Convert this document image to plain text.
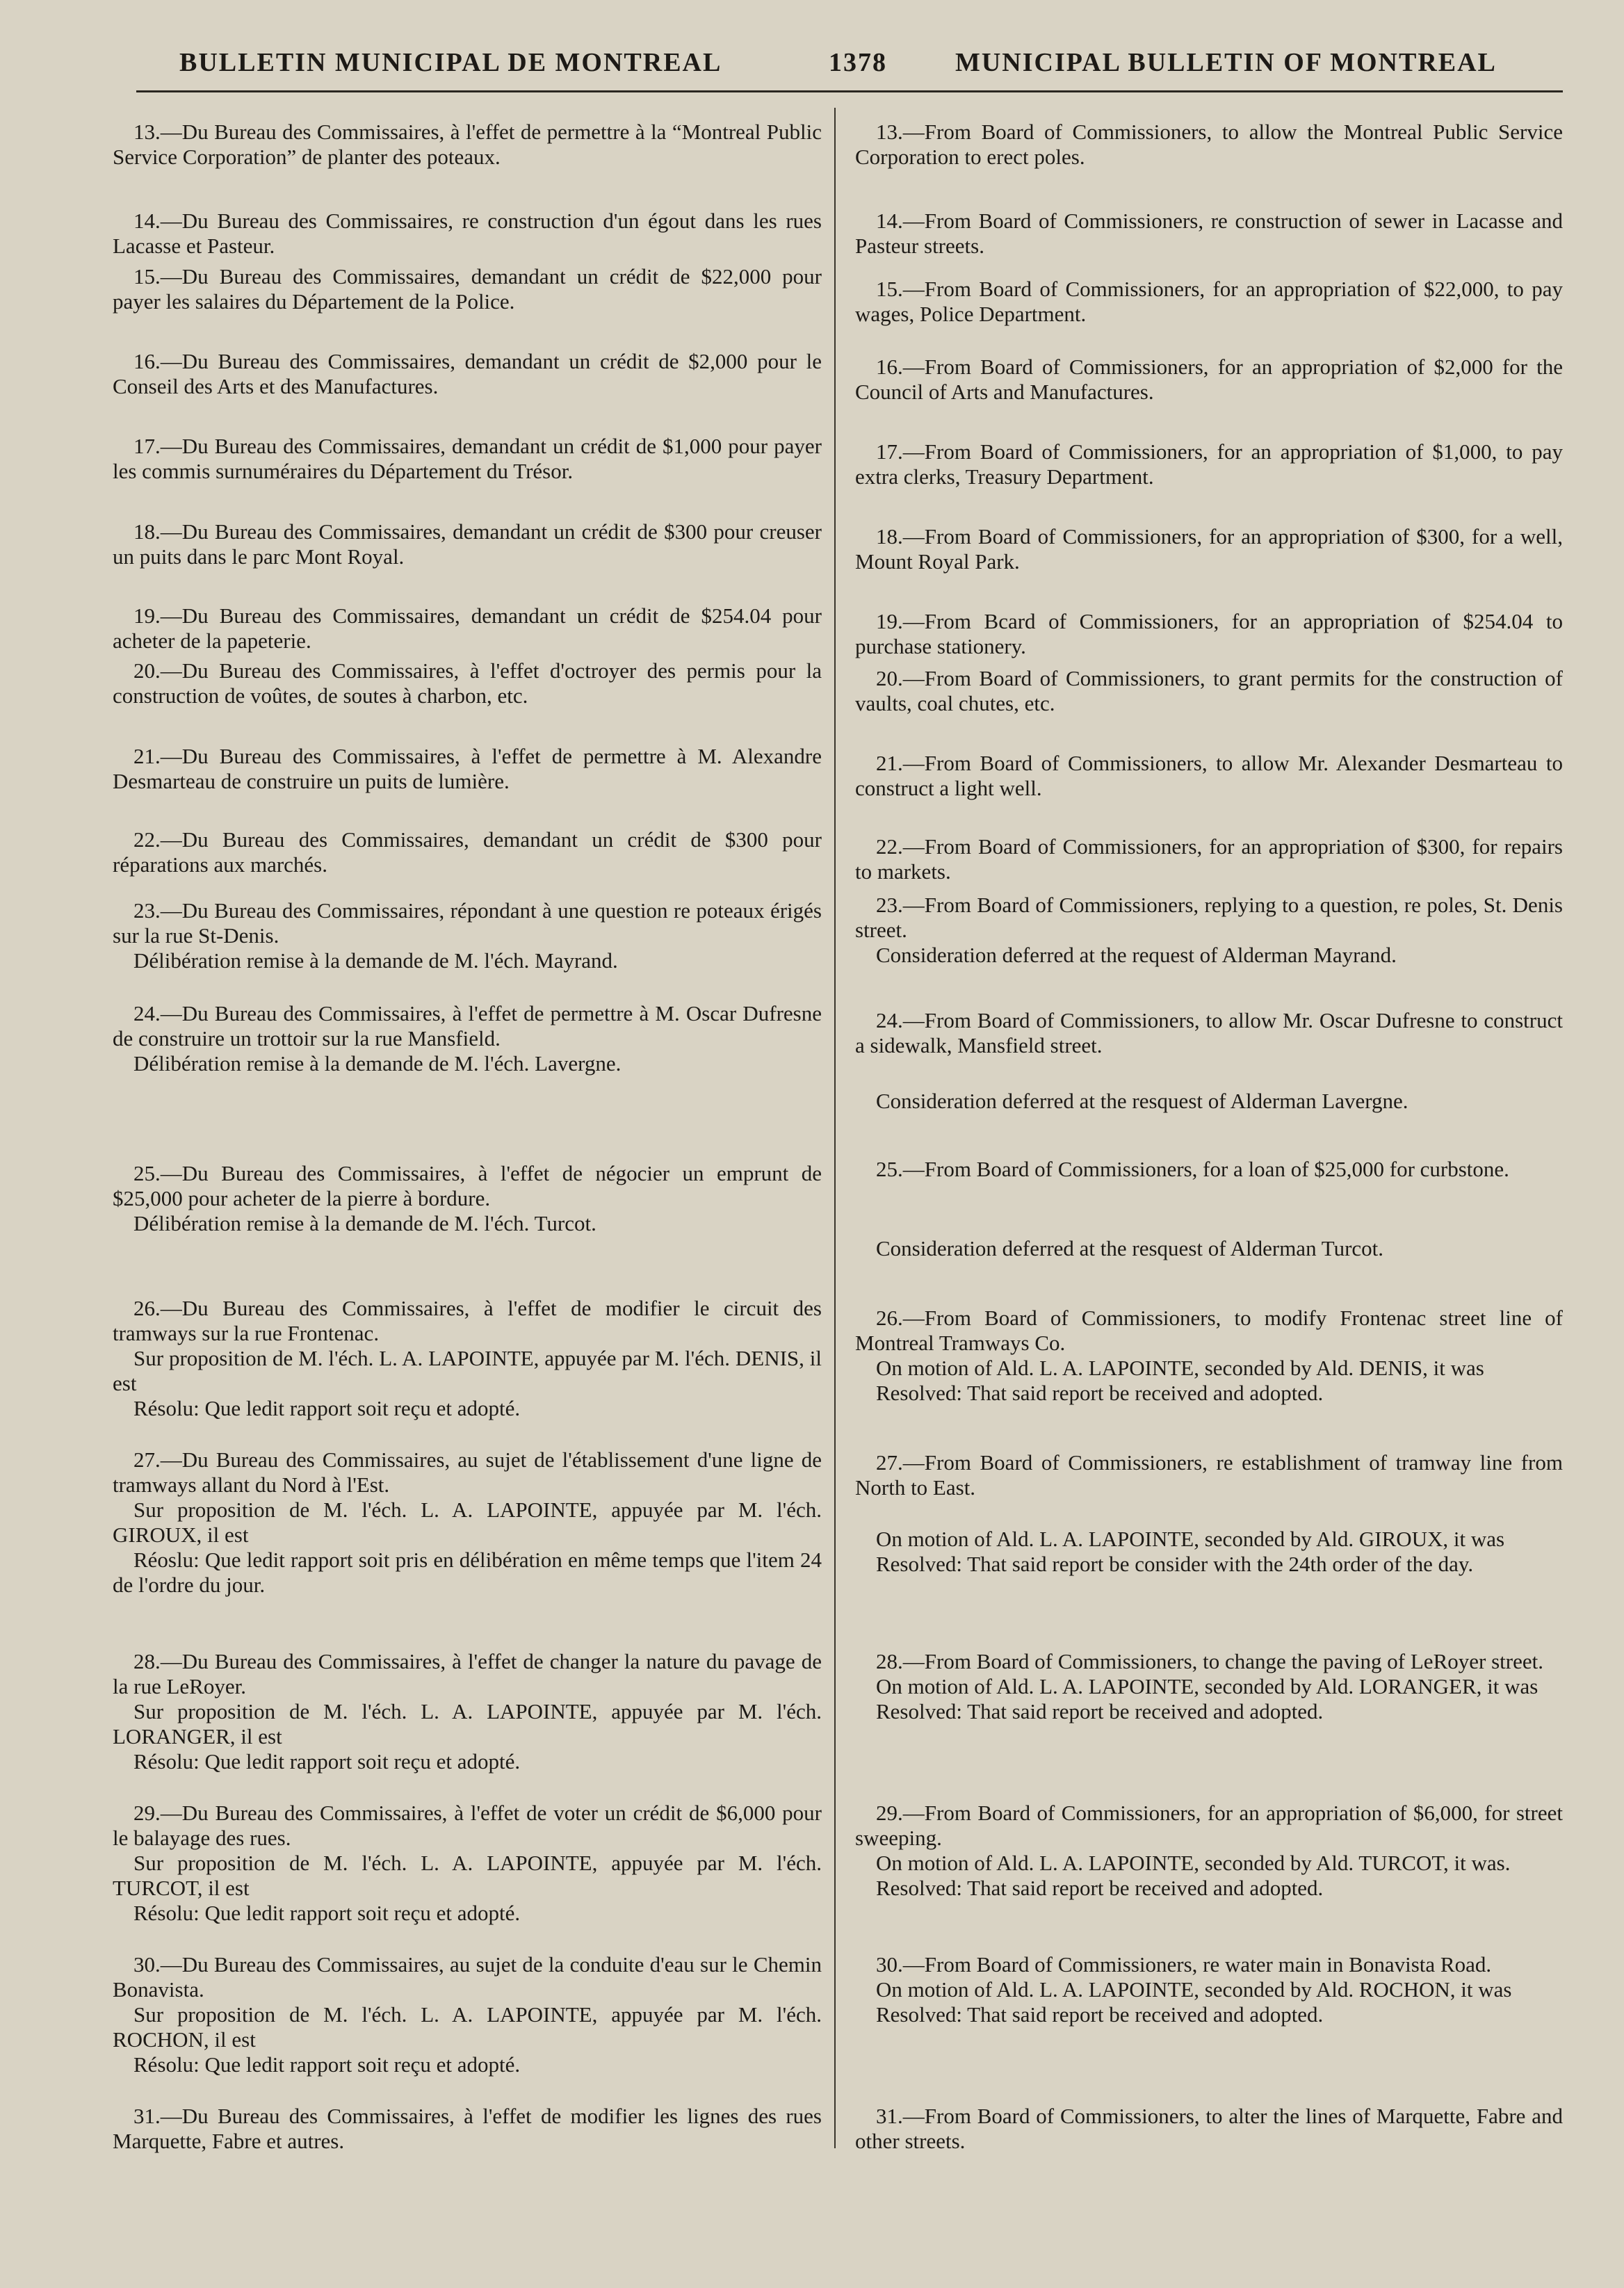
BULLETIN MUNICIPAL DE MONTREAL	1378	MUNICIPAL BULLETIN OF MONTREAL

13.—Du Bureau des Commissaires, à l'effet de permettre à la “Montreal Public Service Corporation” de planter des poteaux.

14.—Du Bureau des Commissaires, re construction d'un égout dans les rues Lacasse et Pasteur.

15.—Du Bureau des Commissaires, demandant un crédit de $22,000 pour payer les salaires du Département de la Police.

16.—Du Bureau des Commissaires, demandant un crédit de $2,000 pour le Conseil des Arts et des Manufactures.

17.—Du Bureau des Commissaires, demandant un crédit de $1,000 pour payer les commis surnuméraires du Département du Trésor.

18.—Du Bureau des Commissaires, demandant un crédit de $300 pour creuser un puits dans le parc Mont Royal.

19.—Du Bureau des Commissaires, demandant un crédit de $254.04 pour acheter de la papeterie.

20.—Du Bureau des Commissaires, à l'effet d'octroyer des permis pour la construction de voûtes, de soutes à charbon, etc.

21.—Du Bureau des Commissaires, à l'effet de permettre à M. Alexandre Desmarteau de construire un puits de lumière.

22.—Du Bureau des Commissaires, demandant un crédit de $300 pour réparations aux marchés.

23.—Du Bureau des Commissaires, répondant à une question re poteaux érigés sur la rue St-Denis.

Délibération remise à la demande de M. l'éch. Mayrand.

24.—Du Bureau des Commissaires, à l'effet de permettre à M. Oscar Dufresne de construire un trottoir sur la rue Mansfield.

Délibération remise à la demande de M. l'éch. Lavergne.

25.—Du Bureau des Commissaires, à l'effet de négocier un emprunt de $25,000 pour acheter de la pierre à bordure.

Délibération remise à la demande de M. l'éch. Turcot.

26.—Du Bureau des Commissaires, à l'effet de modifier le circuit des tramways sur la rue Frontenac.

Sur proposition de M. l'éch. L. A. LAPOINTE, appuyée par M. l'éch. DENIS, il est

Résolu: Que ledit rapport soit reçu et adopté.

27.—Du Bureau des Commissaires, au sujet de l'établissement d'une ligne de tramways allant du Nord à l'Est.

Sur proposition de M. l'éch. L. A. LAPOINTE, appuyée par M. l'éch. GIROUX, il est

Réoslu: Que ledit rapport soit pris en délibération en même temps que l'item 24 de l'ordre du jour.

28.—Du Bureau des Commissaires, à l'effet de changer la nature du pavage de la rue LeRoyer.

Sur proposition de M. l'éch. L. A. LAPOINTE, appuyée par M. l'éch. LORANGER, il est

Résolu: Que ledit rapport soit reçu et adopté.

29.—Du Bureau des Commissaires, à l'effet de voter un crédit de $6,000 pour le balayage des rues.

Sur proposition de M. l'éch. L. A. LAPOINTE, appuyée par M. l'éch. TURCOT, il est

Résolu: Que ledit rapport soit reçu et adopté.

30.—Du Bureau des Commissaires, au sujet de la conduite d'eau sur le Chemin Bonavista.

Sur proposition de M. l'éch. L. A. LAPOINTE, appuyée par M. l'éch. ROCHON, il est

Résolu: Que ledit rapport soit reçu et adopté.

31.—Du Bureau des Commissaires, à l'effet de modifier les lignes des rues Marquette, Fabre et autres.

13.—From Board of Commissioners, to allow the Montreal Public Service Corporation to erect poles.

14.—From Board of Commissioners, re construction of sewer in Lacasse and Pasteur streets.

15.—From Board of Commissioners, for an appropriation of $22,000, to pay wages, Police Department.

16.—From Board of Commissioners, for an appropriation of $2,000 for the Council of Arts and Manufactures.

17.—From Board of Commissioners, for an appropriation of $1,000, to pay extra clerks, Treasury Department.

18.—From Board of Commissioners, for an appropriation of $300, for a well, Mount Royal Park.

19.—From Bcard of Commissioners, for an appropriation of $254.04 to purchase stationery.

20.—From Board of Commissioners, to grant permits for the construction of vaults, coal chutes, etc.

21.—From Board of Commissioners, to allow Mr. Alexander Desmarteau to construct a light well.

22.—From Board of Commissioners, for an appropriation of $300, for repairs to markets.

23.—From Board of Commissioners, replying to a question, re poles, St. Denis street.

Consideration deferred at the request of Alderman Mayrand.

24.—From Board of Commissioners, to allow Mr. Oscar Dufresne to construct a sidewalk, Mansfield street.

Consideration deferred at the resquest of Alderman Lavergne.

25.—From Board of Commissioners, for a loan of $25,000 for curbstone.

Consideration deferred at the resquest of Alderman Turcot.

26.—From Board of Commissioners, to modify Frontenac street line of Montreal Tramways Co.

On motion of Ald. L. A. LAPOINTE, seconded by Ald. DENIS, it was

Resolved: That said report be received and adopted.

27.—From Board of Commissioners, re establishment of tramway line from North to East.

On motion of Ald. L. A. LAPOINTE, seconded by Ald. GIROUX, it was

Resolved: That said report be consider with the 24th order of the day.

28.—From Board of Commissioners, to change the paving of LeRoyer street.

On motion of Ald. L. A. LAPOINTE, seconded by Ald. LORANGER, it was

Resolved: That said report be received and adopted.

29.—From Board of Commissioners, for an appropriation of $6,000, for street sweeping.

On motion of Ald. L. A. LAPOINTE, seconded by Ald. TURCOT, it was.

Resolved: That said report be received and adopted.

30.—From Board of Commissioners, re water main in Bonavista Road.

On motion of Ald. L. A. LAPOINTE, seconded by Ald. ROCHON, it was

Resolved: That said report be received and adopted.

31.—From Board of Commissioners, to alter the lines of Marquette, Fabre and other streets.
